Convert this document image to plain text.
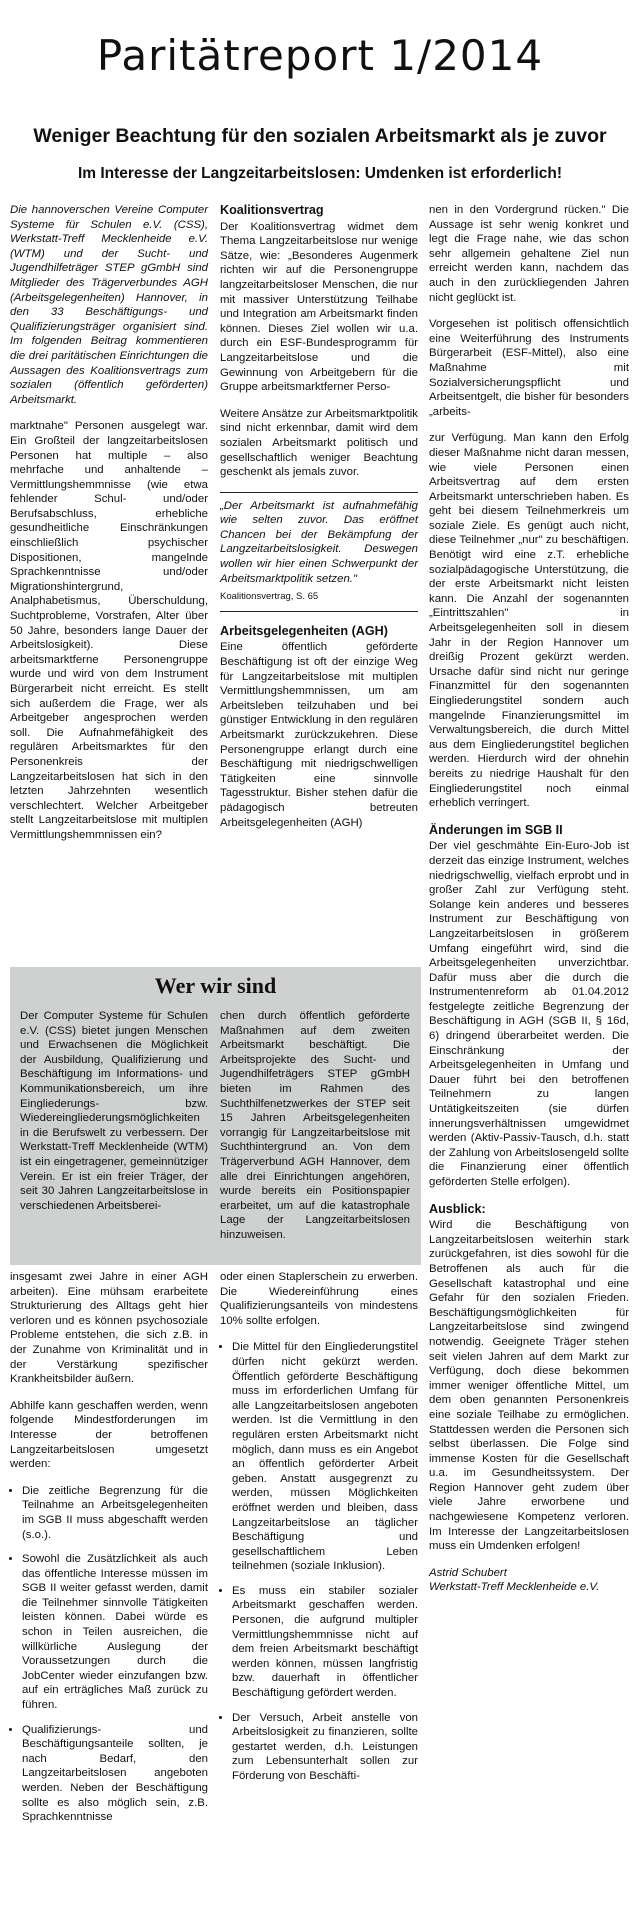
Paritätreport 1/2014
Weniger Beachtung für den sozialen Arbeitsmarkt als je zuvor
Im Interesse der Langzeitarbeitslosen: Umdenken ist erforderlich!

Die hannoverschen Vereine Computer Systeme für Schulen e.V. (CSS), Werkstatt-Treff Mecklenheide e.V. (WTM) und der Sucht- und Jugendhilfeträger STEP gGmbH sind Mitglieder des Trägerverbundes AGH (Arbeitsgelegenheiten) Hannover, in den 33 Beschäftigungs- und Qualifizierungsträger organisiert sind. Im folgenden Beitrag kommentieren die drei paritätischen Einrichtungen die Aussagen des Koalitionsvertrags zum sozialen (öffentlich geförderten) Arbeitsmarkt.

marktnahe" Personen ausgelegt war. Ein Großteil der langzeitarbeitslosen Personen hat multiple – also mehrfache und anhaltende – Vermittlungshemmnisse (wie etwa fehlender Schul- und/oder Berufsabschluss, erhebliche gesundheitliche Einschränkungen einschließlich psychischer Dispositionen, mangelnde Sprachkenntnisse und/oder Migrationshintergrund, Analphabetismus, Überschuldung, Suchtprobleme, Vorstrafen, Alter über 50 Jahre, besonders lange Dauer der Arbeitslosigkeit). Diese arbeitsmarktferne Personengruppe wurde und wird von dem Instrument Bürgerarbeit nicht erreicht. Es stellt sich außerdem die Frage, wer als Arbeitgeber angesprochen werden soll. Die Aufnahmefähigkeit des regulären Arbeitsmarktes für den Personenkreis der Langzeitarbeitslosen hat sich in den letzten Jahrzehnten wesentlich verschlechtert. Welcher Arbeitgeber stellt Langzeitarbeitslose mit multiplen Vermittlungshemmnissen ein?

Koalitionsvertrag

Der Koalitionsvertrag widmet dem Thema Langzeitarbeitslose nur wenige Sätze, wie: „Besonderes Augenmerk richten wir auf die Personengruppe langzeitarbeitsloser Menschen, die nur mit massiver Unterstützung Teilhabe und Integration am Arbeitsmarkt finden können. Dieses Ziel wollen wir u.a. durch ein ESF-Bundesprogramm für Langzeitarbeitslose und die Gewinnung von Arbeitgebern für die Gruppe arbeitsmarktferner Perso-

Weitere Ansätze zur Arbeitsmarktpolitik sind nicht erkennbar, damit wird dem sozialen Arbeitsmarkt politisch und gesellschaftlich weniger Beachtung geschenkt als jemals zuvor.

„Der Arbeitsmarkt ist aufnahmefähig wie selten zuvor. Das eröffnet Chancen bei der Bekämpfung der Langzeitarbeitslosigkeit. Deswegen wollen wir hier einen Schwerpunkt der Arbeitsmarktpolitik setzen."
Koalitionsvertrag, S. 65
Arbeitsgelegenheiten (AGH)

Eine öffentlich geförderte Beschäftigung ist oft der einzige Weg für Langzeitarbeitslose mit multiplen Vermittlungshemmnissen, um am Arbeitsleben teilzuhaben und bei günstiger Entwicklung in den regulären Arbeitsmarkt zurückzukehren. Diese Personengruppe erlangt durch eine Beschäftigung mit niedrigschwelligen Tätigkeiten eine sinnvolle Tagesstruktur. Bisher stehen dafür die pädagogisch betreuten Arbeitsgelegenheiten (AGH)

nen in den Vordergrund rücken." Die Aussage ist sehr wenig konkret und legt die Frage nahe, wie das schon sehr allgemein gehaltene Ziel nun erreicht werden kann, nachdem das auch in den zurückliegenden Jahren nicht geglückt ist.

Vorgesehen ist politisch offensichtlich eine Weiterführung des Instruments Bürgerarbeit (ESF-Mittel), also eine Maßnahme mit Sozialversicherungspflicht und Arbeitsentgelt, die bisher für besonders „arbeits-

zur Verfügung. Man kann den Erfolg dieser Maßnahme nicht daran messen, wie viele Personen einen Arbeitsvertrag auf dem ersten Arbeitsmarkt unterschrieben haben. Es geht bei diesem Teilnehmerkreis um soziale Ziele. Es genügt auch nicht, diese Teilnehmer „nur" zu beschäftigen. Benötigt wird eine z.T. erhebliche sozialpädagogische Unterstützung, die der erste Arbeitsmarkt nicht leisten kann. Die Anzahl der sogenannten „Eintrittszahlen" in Arbeitsgelegenheiten soll in diesem Jahr in der Region Hannover um dreißig Prozent gekürzt werden. Ursache dafür sind nicht nur geringe Finanzmittel für den sogenannten Eingliederungstitel sondern auch mangelnde Finanzierungsmittel im Verwaltungsbereich, die durch Mittel aus dem Eingliederungstitel beglichen werden. Hierdurch wird der ohnehin bereits zu niedrige Haushalt für den Eingliederungstitel noch einmal erheblich verringert.

Änderungen im SGB II

Der viel geschmähte Ein-Euro-Job ist derzeit das einzige Instrument, welches niedrigschwellig, vielfach erprobt und in großer Zahl zur Verfügung steht. Solange kein anderes und besseres Instrument zur Beschäftigung von Langzeitarbeitslosen in größerem Umfang eingeführt wird, sind die Arbeitsgelegenheiten unverzichtbar. Dafür muss aber die durch die Instrumentenreform ab 01.04.2012 festgelegte zeitliche Begrenzung der Beschäftigung in AGH (SGB II, § 16d, 6) dringend überarbeitet werden. Die Einschränkung der Arbeitsgelegenheiten in Umfang und Dauer führt bei den betroffenen Teilnehmern zu langen Untätigkeitszeiten (sie dürfen innerungsverhältnissen umgewidmet werden (Aktiv-Passiv-Tausch, d.h. statt der Zahlung von Arbeitslosengeld sollte die Finanzierung einer öffentlich geförderten Stelle erfolgen).

Ausblick:

Wird die Beschäftigung von Langzeitarbeitslosen weiterhin stark zurückgefahren, ist dies sowohl für die Betroffenen als auch für die Gesellschaft katastrophal und eine Gefahr für den sozialen Frieden. Beschäftigungsmöglichkeiten für Langzeitarbeitslose sind zwingend notwendig. Geeignete Träger stehen seit vielen Jahren auf dem Markt zur Verfügung, doch diese bekommen immer weniger öffentliche Mittel, um dem oben genannten Personenkreis eine soziale Teilhabe zu ermöglichen. Stattdessen werden die Personen sich selbst überlassen. Die Folge sind immense Kosten für die Gesellschaft u.a. im Gesundheitssystem. Der Region Hannover geht zudem über viele Jahre erworbene und nachgewiesene Kompetenz verloren. Im Interesse der Langzeitarbeitslosen muss ein Umdenken erfolgen!

Astrid Schubert
Werkstatt-Treff Mecklenheide e.V.
Wer wir sind
Der Computer Systeme für Schulen e.V. (CSS) bietet jungen Menschen und Erwachsenen die Möglichkeit der Ausbildung, Qualifizierung und Beschäftigung im Informations- und Kommunikationsbereich, um ihre Eingliederungs- bzw. Wiedereingliederungsmöglichkeiten in die Berufswelt zu verbessern. Der Werkstatt-Treff Mecklenheide (WTM) ist ein eingetragener, gemeinnütziger Verein. Er ist ein freier Träger, der seit 30 Jahren Langzeitarbeitslose in verschiedenen Arbeitsberei-
chen durch öffentlich geförderte Maßnahmen auf dem zweiten Arbeitsmarkt beschäftigt. Die Arbeitsprojekte des Sucht- und Jugendhilfeträgers STEP gGmbH bieten im Rahmen des Suchthilfenetzwerkes der STEP seit 15 Jahren Arbeitsgelegenheiten vorrangig für Langzeitarbeitslose mit Suchthintergrund an. Von dem Trägerverbund AGH Hannover, dem alle drei Einrichtungen angehören, wurde bereits ein Positionspapier erarbeitet, um auf die katastrophale Lage der Langzeitarbeitslosen hinzuweisen.

insgesamt zwei Jahre in einer AGH arbeiten). Eine mühsam erarbeitete Strukturierung des Alltags geht hier verloren und es können psychosoziale Probleme entstehen, die sich z.B. in der Zunahme von Kriminalität und in der Verstärkung spezifischer Krankheitsbilder äußern.

Abhilfe kann geschaffen werden, wenn folgende Mindestforderungen im Interesse der betroffenen Langzeitarbeitslosen umgesetzt werden:

• Die zeitliche Begrenzung für die Teilnahme an Arbeitsgelegenheiten im SGB II muss abgeschafft werden (s.o.).
• Sowohl die Zusätzlichkeit als auch das öffentliche Interesse müssen im SGB II weiter gefasst werden, damit die Teilnehmer sinnvolle Tätigkeiten leisten können. Dabei würde es schon in Teilen ausreichen, die willkürliche Auslegung der Voraussetzungen durch die JobCenter wieder einzufangen bzw. auf ein erträgliches Maß zurück zu führen.
• Qualifizierungs- und Beschäftigungsanteile sollten, je nach Bedarf, den Langzeitarbeitslosen angeboten werden. Neben der Beschäftigung sollte es also möglich sein, z.B. Sprachkenntnisse

oder einen Staplerschein zu erwerben. Die Wiedereinführung eines Qualifizierungsanteils von mindestens 10% sollte erfolgen.

• Die Mittel für den Eingliederungstitel dürfen nicht gekürzt werden. Öffentlich geförderte Beschäftigung muss im erforderlichen Umfang für alle Langzeitarbeitslosen angeboten werden. Ist die Vermittlung in den regulären ersten Arbeitsmarkt nicht möglich, dann muss es ein Angebot an öffentlich geförderter Arbeit geben. Anstatt ausgegrenzt zu werden, müssen Möglichkeiten eröffnet werden und bleiben, dass Langzeitarbeitslose an täglicher Beschäftigung und gesellschaftlichem Leben teilnehmen (soziale Inklusion).
• Es muss ein stabiler sozialer Arbeitsmarkt geschaffen werden. Personen, die aufgrund multipler Vermittlungshemmnisse nicht auf dem freien Arbeitsmarkt beschäftigt werden können, müssen langfristig bzw. dauerhaft in öffentlicher Beschäftigung gefördert werden.
• Der Versuch, Arbeit anstelle von Arbeitslosigkeit zu finanzieren, sollte gestartet werden, d.h. Leistungen zum Lebensunterhalt sollen zur Förderung von Beschäfti-
